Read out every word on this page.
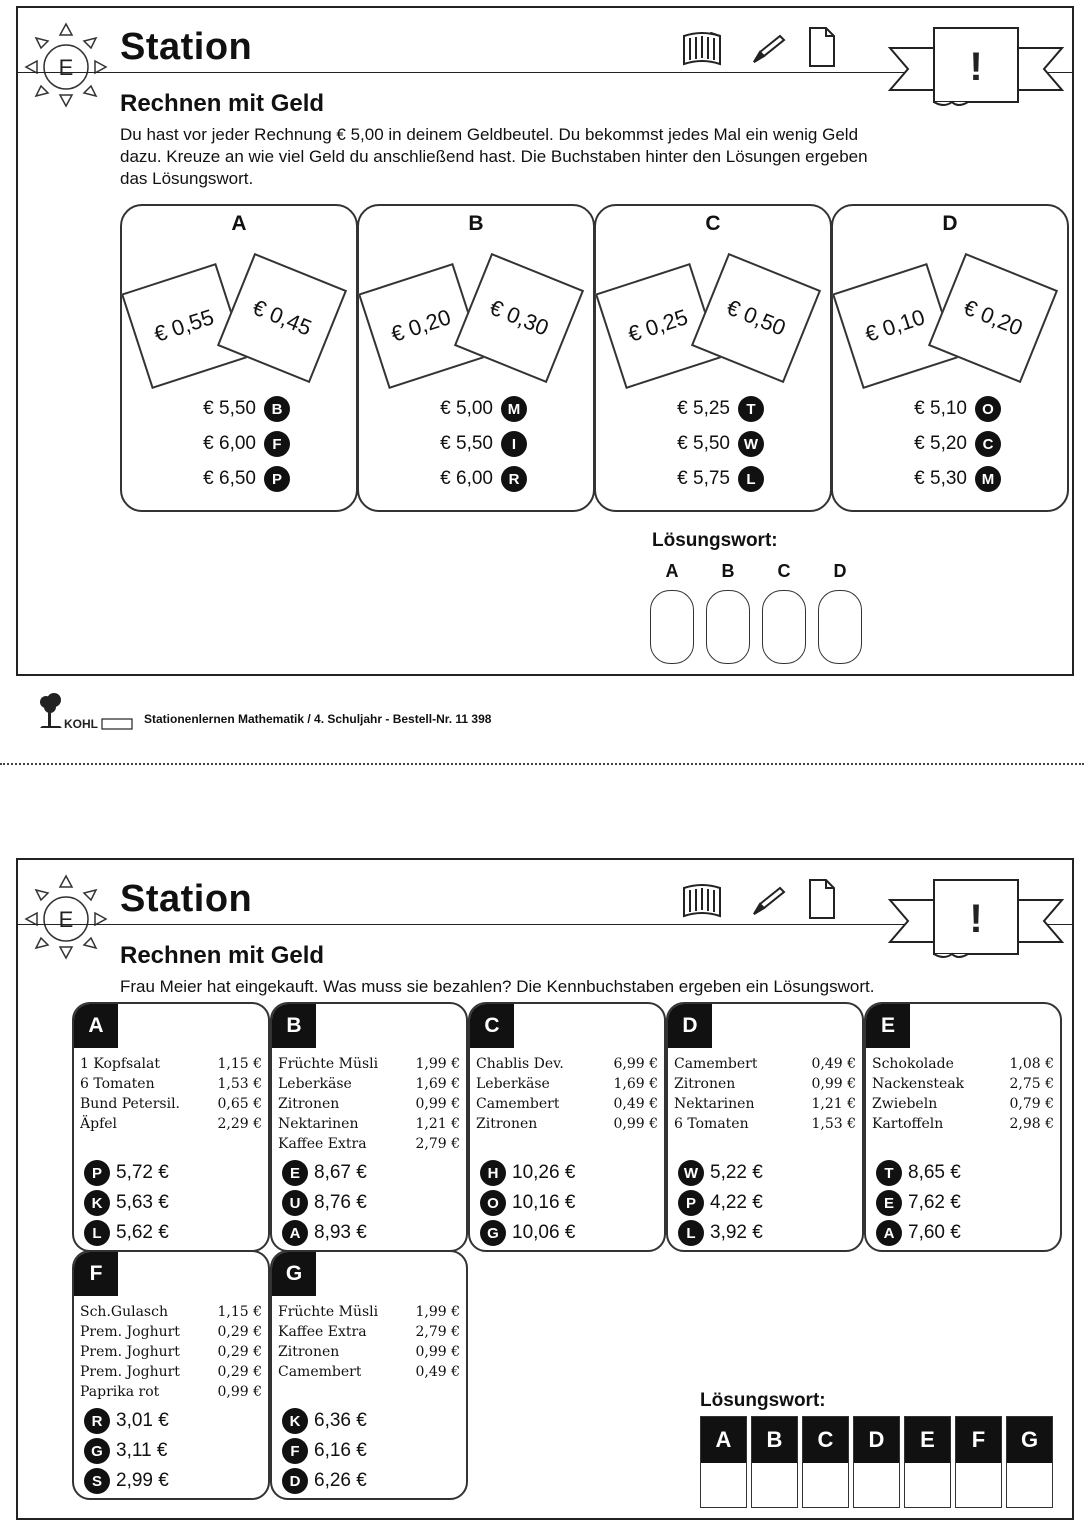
E Station	!
Rechnen mit Geld
Du hast vor jeder Rechnung € 5,00 in deinem Geldbeutel. Du bekommst jedes Mal ein wenig Geld dazu. Kreuze an wie viel Geld du anschließend hast. Die Buchstaben hinter den Lösungen ergeben das Lösungswort.
A
€ 0,55 € 0,45
€ 5,50	B
€ 6,00	F
€ 6,50	P
B
€ 0,20 € 0,30
€ 5,00 M
€ 5,50	I
€ 6,00	R
C
€ 0,25 € 0,50
€ 5,25	T
€ 5,50 W
€ 5,75	L
D
€ 0,10 € 0,20
€ 5,10	O
€ 5,20	C
€ 5,30 M
Lösungswort:
A	B	C	D
KOHL	Stationenlernen Mathematik / 4. Schuljahr - Bestell-Nr. 11 398
E Station	!
Rechnen mit Geld
Frau Meier hat eingekauft. Was muss sie bezahlen? Die Kennbuchstaben ergeben ein Lösungswort.
A
1 Kopfsalat	1,15 €
6 Tomaten	1,53 €
Bund Petersil.	0,65 €
Äpfel	2,29 €
P 5,72 €
K 5,63 €
L 5,62 €
B
Früchte Müsli	1,99 €
Leberkäse	1,69 €
Zitronen	0,99 €
Nektarinen	1,21 €
Kaffee Extra	2,79 €
E 8,67 €
U 8,76 €
A 8,93 €
C
Chablis Dev.	6,99 €
Leberkäse	1,69 €
Camembert	0,49 €
Zitronen	0,99 €
H 10,26 €
O 10,16 €
G 10,06 €
D
Camembert	0,49 €
Zitronen	0,99 €
Nektarinen	1,21 €
6 Tomaten	1,53 €
W 5,22 €
P 4,22 €
L 3,92 €
E
Schokolade	1,08 €
Nackensteak	2,75 €
Zwiebeln	0,79 €
Kartoffeln	2,98 €
T 8,65 €
E 7,62 €
A 7,60 €
F
Sch.Gulasch	1,15 €
Prem. Joghurt	0,29 €
Prem. Joghurt	0,29 €
Prem. Joghurt	0,29 €
Paprika rot	0,99 €
R 3,01 €
G 3,11 €
S 2,99 €
G
Früchte Müsli	1,99 €
Kaffee Extra	2,79 €
Zitronen	0,99 €
Camembert	0,49 €
K 6,36 €
F 6,16 €
D 6,26 €
Lösungswort:
A	B	C	D	E	F	G
